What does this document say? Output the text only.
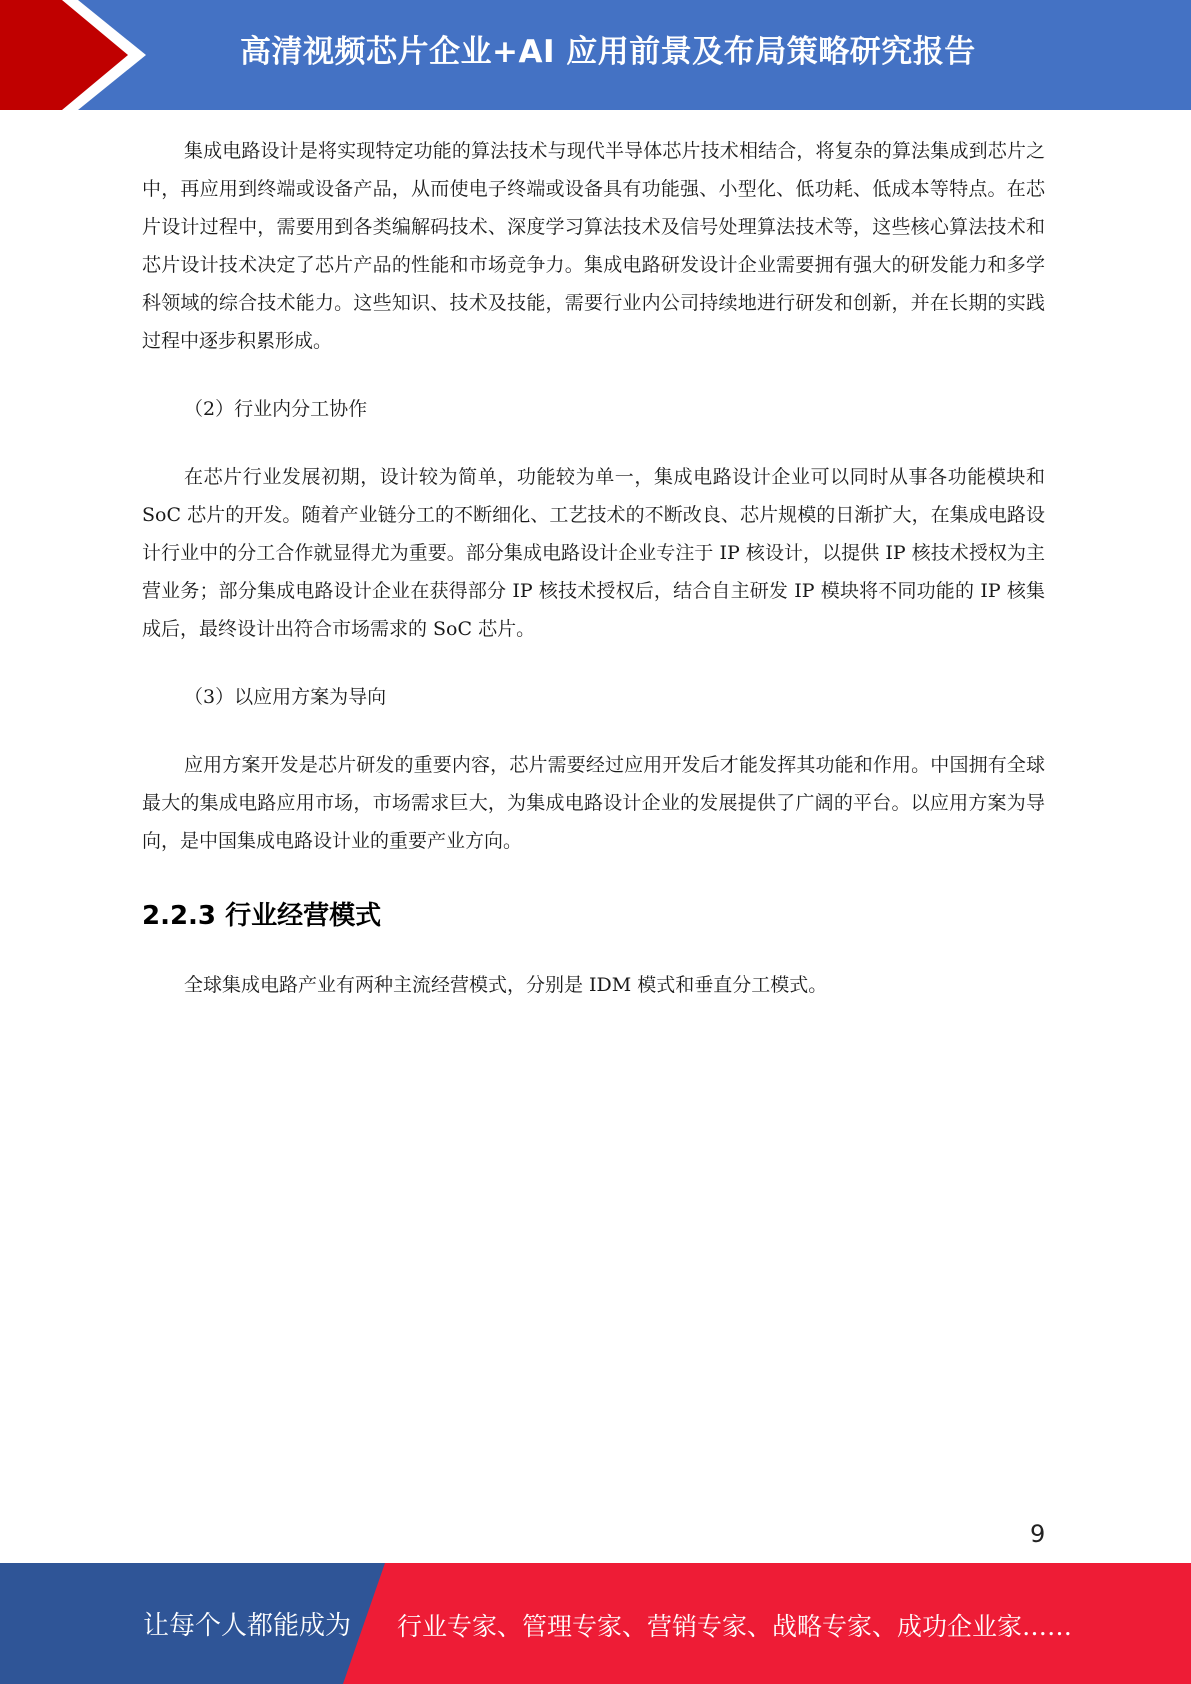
高清视频芯片企业+AI 应用前景及布局策略研究报告

集成电路设计是将实现特定功能的算法技术与现代半导体芯片技术相结合，将复杂的算法集成到芯片之中，再应用到终端或设备产品，从而使电子终端或设备具有功能强、小型化、低功耗、低成本等特点。在芯片设计过程中，需要用到各类编解码技术、深度学习算法技术及信号处理算法技术等，这些核心算法技术和芯片设计技术决定了芯片产品的性能和市场竞争力。集成电路研发设计企业需要拥有强大的研发能力和多学科领域的综合技术能力。这些知识、技术及技能，需要行业内公司持续地进行研发和创新，并在长期的实践过程中逐步积累形成。

（2）行业内分工协作

在芯片行业发展初期，设计较为简单，功能较为单一，集成电路设计企业可以同时从事各功能模块和 SoC 芯片的开发。随着产业链分工的不断细化、工艺技术的不断改良、芯片规模的日渐扩大，在集成电路设计行业中的分工合作就显得尤为重要。部分集成电路设计企业专注于 IP 核设计，以提供 IP 核技术授权为主营业务；部分集成电路设计企业在获得部分 IP 核技术授权后，结合自主研发 IP 模块将不同功能的 IP 核集成后，最终设计出符合市场需求的 SoC 芯片。

（3）以应用方案为导向

应用方案开发是芯片研发的重要内容，芯片需要经过应用开发后才能发挥其功能和作用。中国拥有全球最大的集成电路应用市场，市场需求巨大，为集成电路设计企业的发展提供了广阔的平台。以应用方案为导向，是中国集成电路设计业的重要产业方向。

2.2.3 行业经营模式

全球集成电路产业有两种主流经营模式，分别是 IDM 模式和垂直分工模式。

9
让每个人都能成为 行业专家、管理专家、营销专家、战略专家、成功企业家……
